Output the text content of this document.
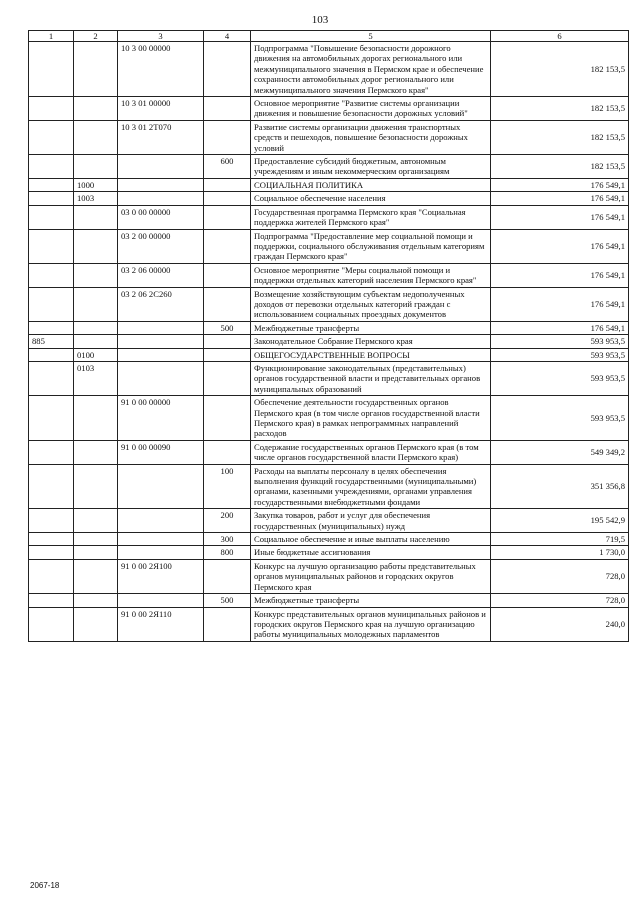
103
1	2	3	4	5	6
		10 3 00 00000		Подпрограмма "Повышение безопасности дорожного движения на автомобильных дорогах регионального или межмуниципального значения в Пермском крае и обеспечение сохранности автомобильных дорог регионального или межмуниципального значения Пермского края"	182 153,5
		10 3 01 00000		Основное мероприятие "Развитие системы организации движения и повышение безопасности дорожных условий"	182 153,5
		10 3 01 2Т070		Развитие системы организации движения транспортных средств и пешеходов, повышение безопасности дорожных условий	182 153,5
			600	Предоставление субсидий бюджетным, автономным учреждениям и иным некоммерческим организациям	182 153,5
	1000			СОЦИАЛЬНАЯ ПОЛИТИКА	176 549,1
	1003			Социальное обеспечение населения	176 549,1
		03 0 00 00000		Государственная программа Пермского края "Социальная поддержка жителей Пермского края"	176 549,1
		03 2 00 00000		Подпрограмма "Предоставление мер социальной помощи и поддержки, социального обслуживания отдельным категориям граждан Пермского края"	176 549,1
		03 2 06 00000		Основное мероприятие "Меры социальной помощи и поддержки отдельных категорий населения Пермского края"	176 549,1
		03 2 06 2С260		Возмещение хозяйствующим субъектам недополученных доходов от перевозки отдельных категорий граждан с использованием социальных проездных документов	176 549,1
			500	Межбюджетные трансферты	176 549,1
885				Законодательное Собрание Пермского края	593 953,5
	0100			ОБЩЕГОСУДАРСТВЕННЫЕ ВОПРОСЫ	593 953,5
	0103			Функционирование законодательных (представительных) органов государственной власти и представительных органов муниципальных образований	593 953,5
		91 0 00 00000		Обеспечение деятельности государственных органов Пермского края (в том числе органов государственной власти Пермского края) в рамках непрограммных направлений расходов	593 953,5
		91 0 00 00090		Содержание государственных органов Пермского края (в том числе органов государственной власти Пермского края)	549 349,2
			100	Расходы на выплаты персоналу в целях обеспечения выполнения функций государственными (муниципальными) органами, казенными учреждениями, органами управления государственными внебюджетными фондами	351 356,8
			200	Закупка товаров, работ и услуг для обеспечения государственных (муниципальных) нужд	195 542,9
			300	Социальное обеспечение и иные выплаты населению	719,5
			800	Иные бюджетные ассигнования	1 730,0
		91 0 00 2Я100		Конкурс на лучшую организацию работы представительных органов муниципальных районов и городских округов Пермского края	728,0
			500	Межбюджетные трансферты	728,0
		91 0 00 2Я110		Конкурс представительных органов муниципальных районов и городских округов Пермского края на лучшую организацию работы муниципальных молодежных парламентов	240,0
2067-18
